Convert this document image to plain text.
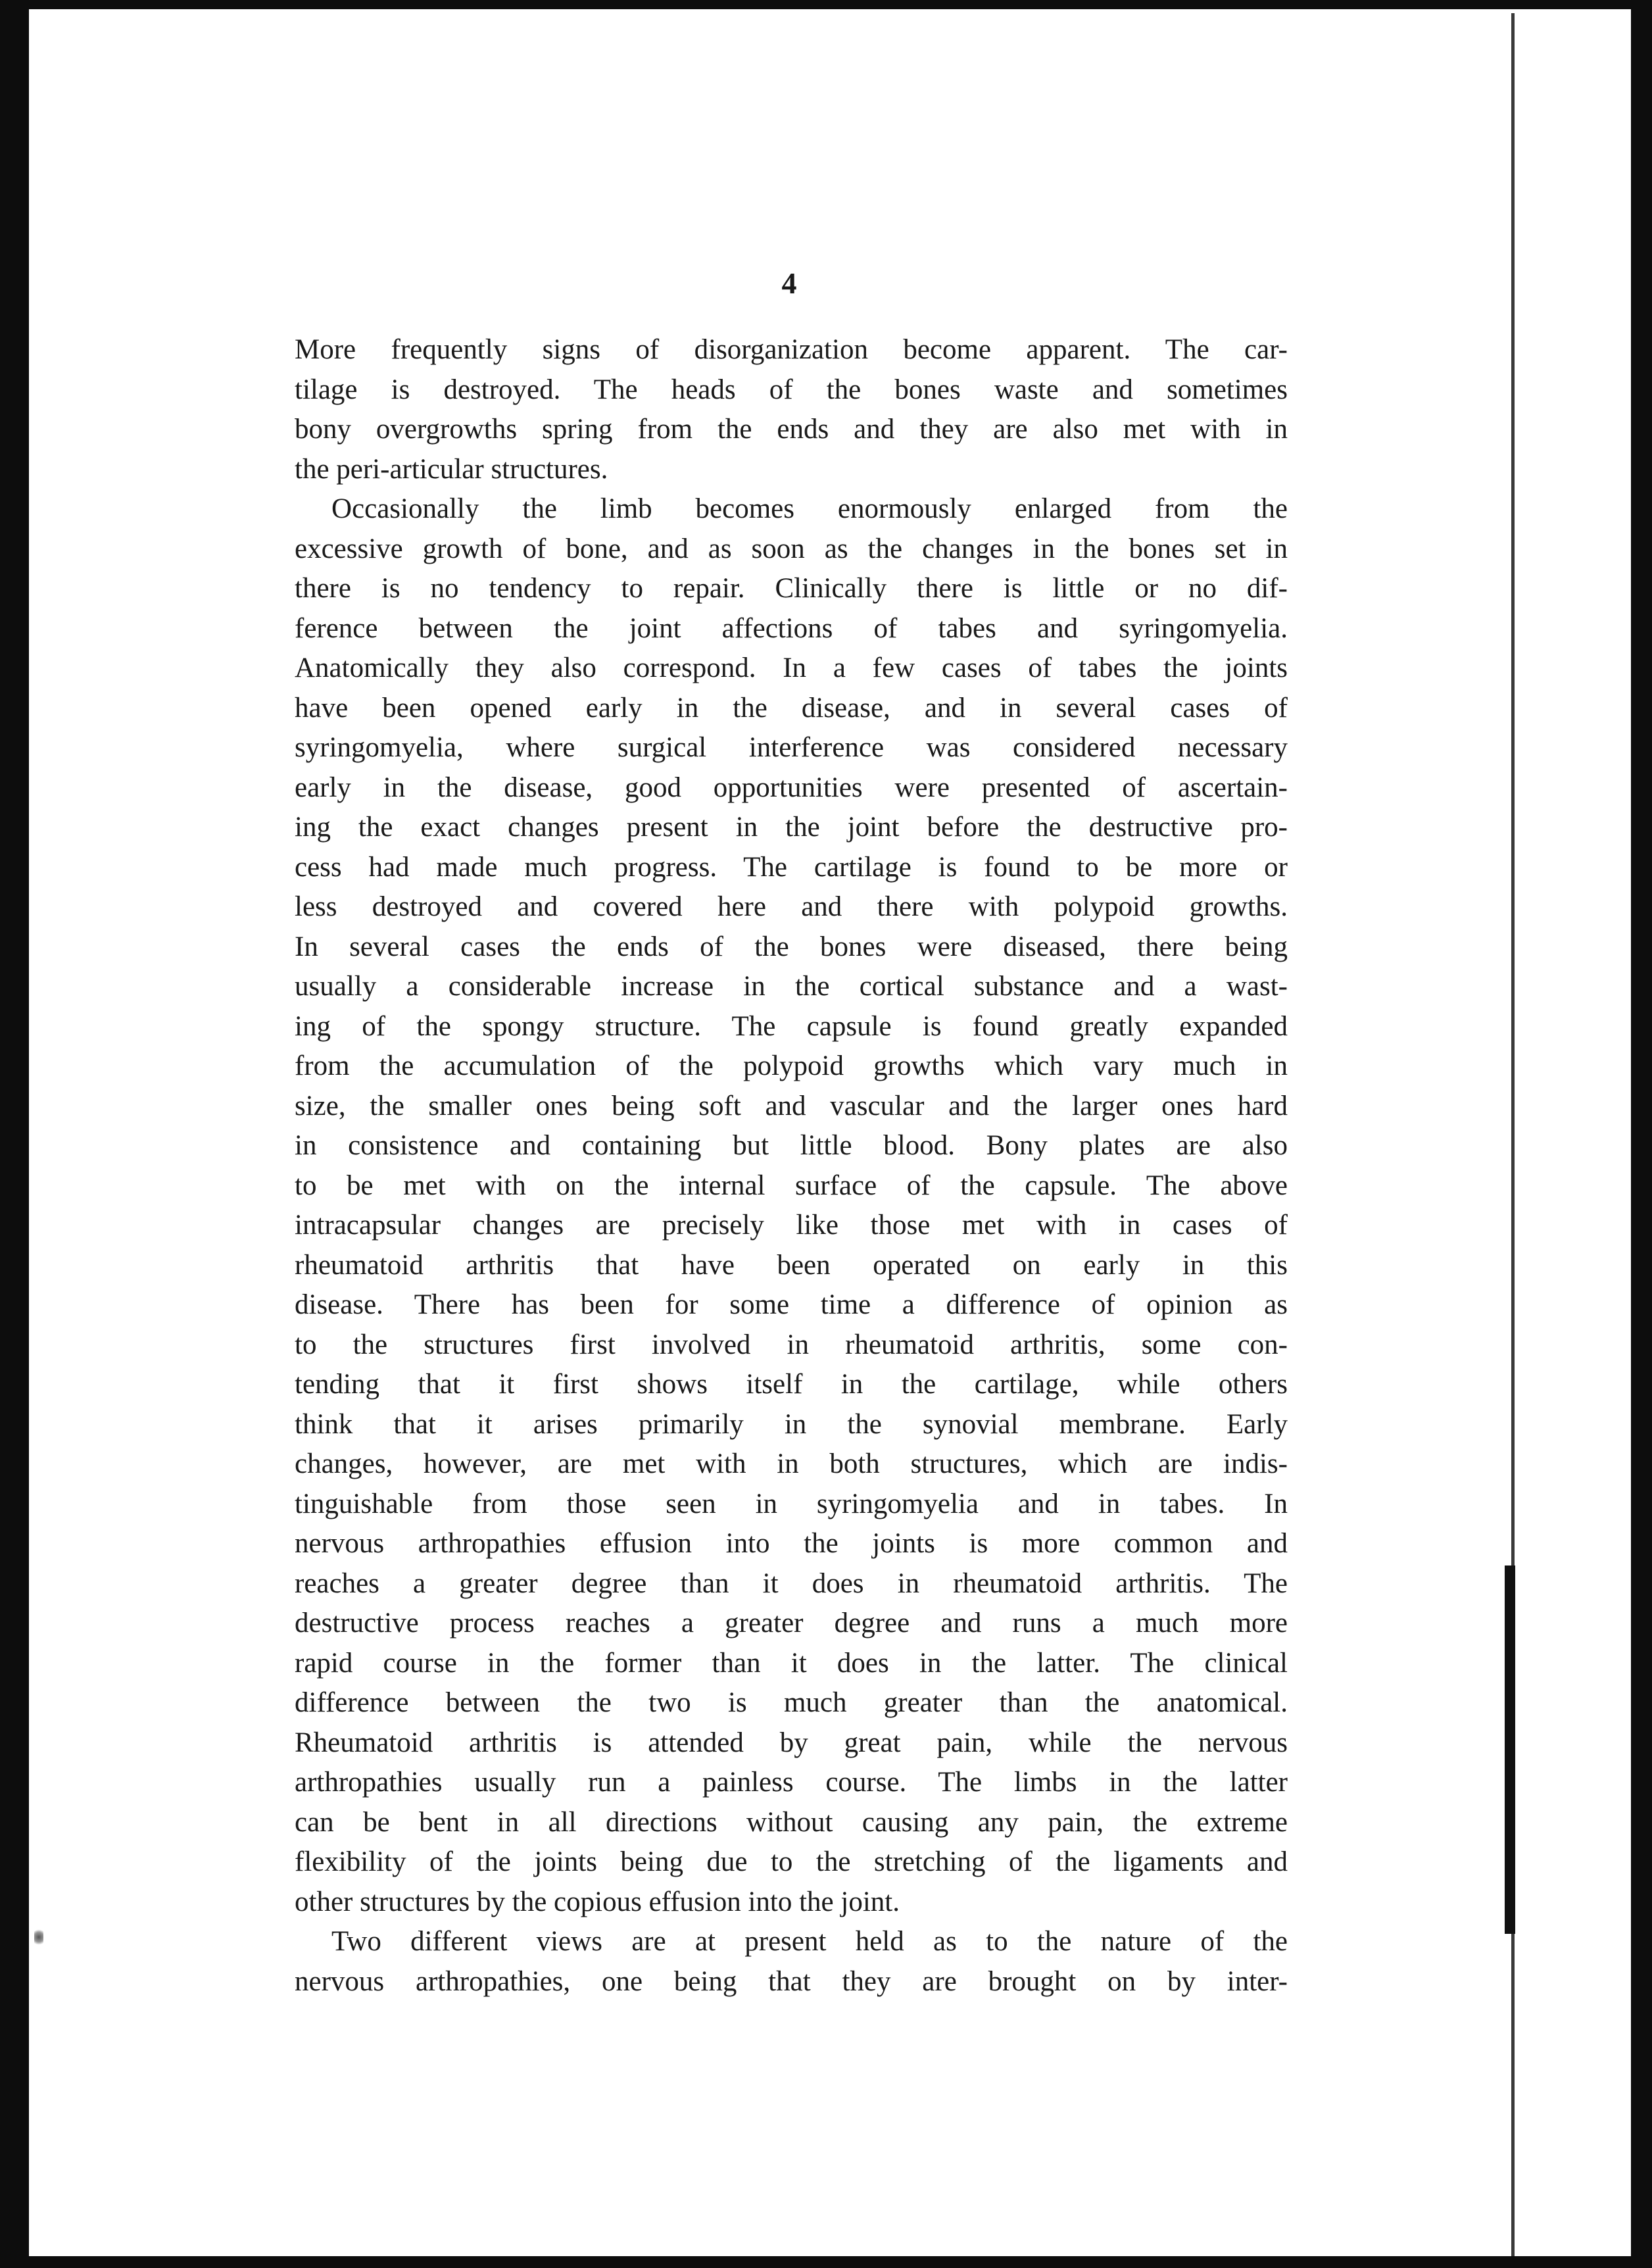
4
More frequently signs of disorganization become apparent. The car-
tilage is destroyed. The heads of the bones waste and sometimes
bony overgrowths spring from the ends and they are also met with in
the peri-articular structures.
Occasionally the limb becomes enormously enlarged from the
excessive growth of bone, and as soon as the changes in the bones set in
there is no tendency to repair. Clinically there is little or no dif-
ference between the joint affections of tabes and syringomyelia.
Anatomically they also correspond. In a few cases of tabes the joints
have been opened early in the disease, and in several cases of
syringomyelia, where surgical interference was considered necessary
early in the disease, good opportunities were presented of ascertain-
ing the exact changes present in the joint before the destructive pro-
cess had made much progress. The cartilage is found to be more or
less destroyed and covered here and there with polypoid growths.
In several cases the ends of the bones were diseased, there being
usually a considerable increase in the cortical substance and a wast-
ing of the spongy structure. The capsule is found greatly expanded
from the accumulation of the polypoid growths which vary much in
size, the smaller ones being soft and vascular and the larger ones hard
in consistence and containing but little blood. Bony plates are also
to be met with on the internal surface of the capsule. The above
intracapsular changes are precisely like those met with in cases of
rheumatoid arthritis that have been operated on early in this
disease. There has been for some time a difference of opinion as
to the structures first involved in rheumatoid arthritis, some con-
tending that it first shows itself in the cartilage, while others
think that it arises primarily in the synovial membrane. Early
changes, however, are met with in both structures, which are indis-
tinguishable from those seen in syringomyelia and in tabes. In
nervous arthropathies effusion into the joints is more common and
reaches a greater degree than it does in rheumatoid arthritis. The
destructive process reaches a greater degree and runs a much more
rapid course in the former than it does in the latter. The clinical
difference between the two is much greater than the anatomical.
Rheumatoid arthritis is attended by great pain, while the nervous
arthropathies usually run a painless course. The limbs in the latter
can be bent in all directions without causing any pain, the extreme
flexibility of the joints being due to the stretching of the ligaments and
other structures by the copious effusion into the joint.
Two different views are at present held as to the nature of the
nervous arthropathies, one being that they are brought on by inter-
